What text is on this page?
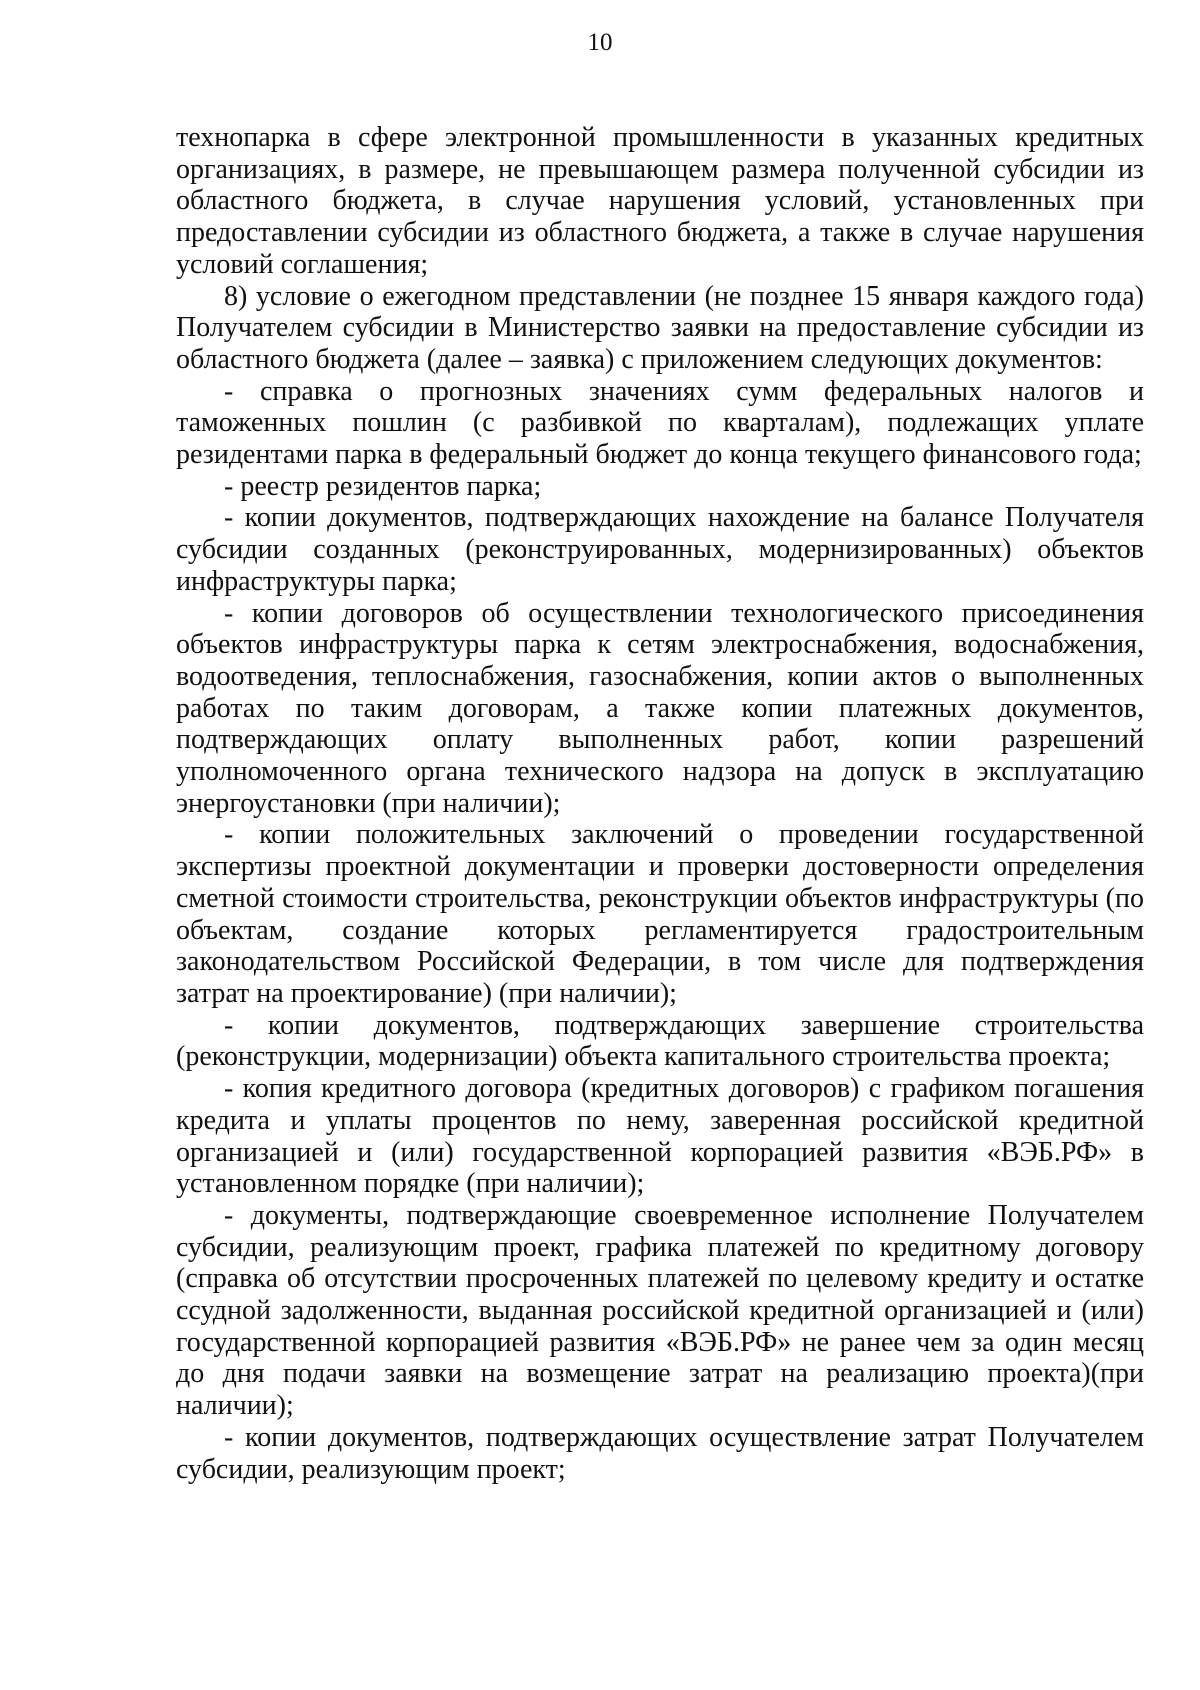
10

технопарка в сфере электронной промышленности в указанных кредитных организациях, в размере, не превышающем размера полученной субсидии из областного бюджета, в случае нарушения условий, установленных при предоставлении субсидии из областного бюджета, а также в случае нарушения условий соглашения;

8) условие о ежегодном представлении (не позднее 15 января каждого года) Получателем субсидии в Министерство заявки на предоставление субсидии из областного бюджета (далее – заявка) с приложением следующих документов:

- справка о прогнозных значениях сумм федеральных налогов и таможенных пошлин (с разбивкой по кварталам), подлежащих уплате резидентами парка в федеральный бюджет до конца текущего финансового года;

- реестр резидентов парка;

- копии документов, подтверждающих нахождение на балансе Получателя субсидии созданных (реконструированных, модернизированных) объектов инфраструктуры парка;

- копии договоров об осуществлении технологического присоединения объектов инфраструктуры парка к сетям электроснабжения, водоснабжения, водоотведения, теплоснабжения, газоснабжения, копии актов о выполненных работах по таким договорам, а также копии платежных документов, подтверждающих оплату выполненных работ, копии разрешений уполномоченного органа технического надзора на допуск в эксплуатацию энергоустановки (при наличии);

- копии положительных заключений о проведении государственной экспертизы проектной документации и проверки достоверности определения сметной стоимости строительства, реконструкции объектов инфраструктуры (по объектам, создание которых регламентируется градостроительным законодательством Российской Федерации, в том числе для подтверждения затрат на проектирование) (при наличии);

- копии документов, подтверждающих завершение строительства (реконструкции, модернизации) объекта капитального строительства проекта;

- копия кредитного договора (кредитных договоров) с графиком погашения кредита и уплаты процентов по нему, заверенная российской кредитной организацией и (или) государственной корпорацией развития «ВЭБ.РФ» в установленном порядке (при наличии);

- документы, подтверждающие своевременное исполнение Получателем субсидии, реализующим проект, графика платежей по кредитному договору (справка об отсутствии просроченных платежей по целевому кредиту и остатке ссудной задолженности, выданная российской кредитной организацией и (или) государственной корпорацией развития «ВЭБ.РФ» не ранее чем за один месяц до дня подачи заявки на возмещение затрат на реализацию проекта)(при наличии);

- копии документов, подтверждающих осуществление затрат Получателем субсидии, реализующим проект;
